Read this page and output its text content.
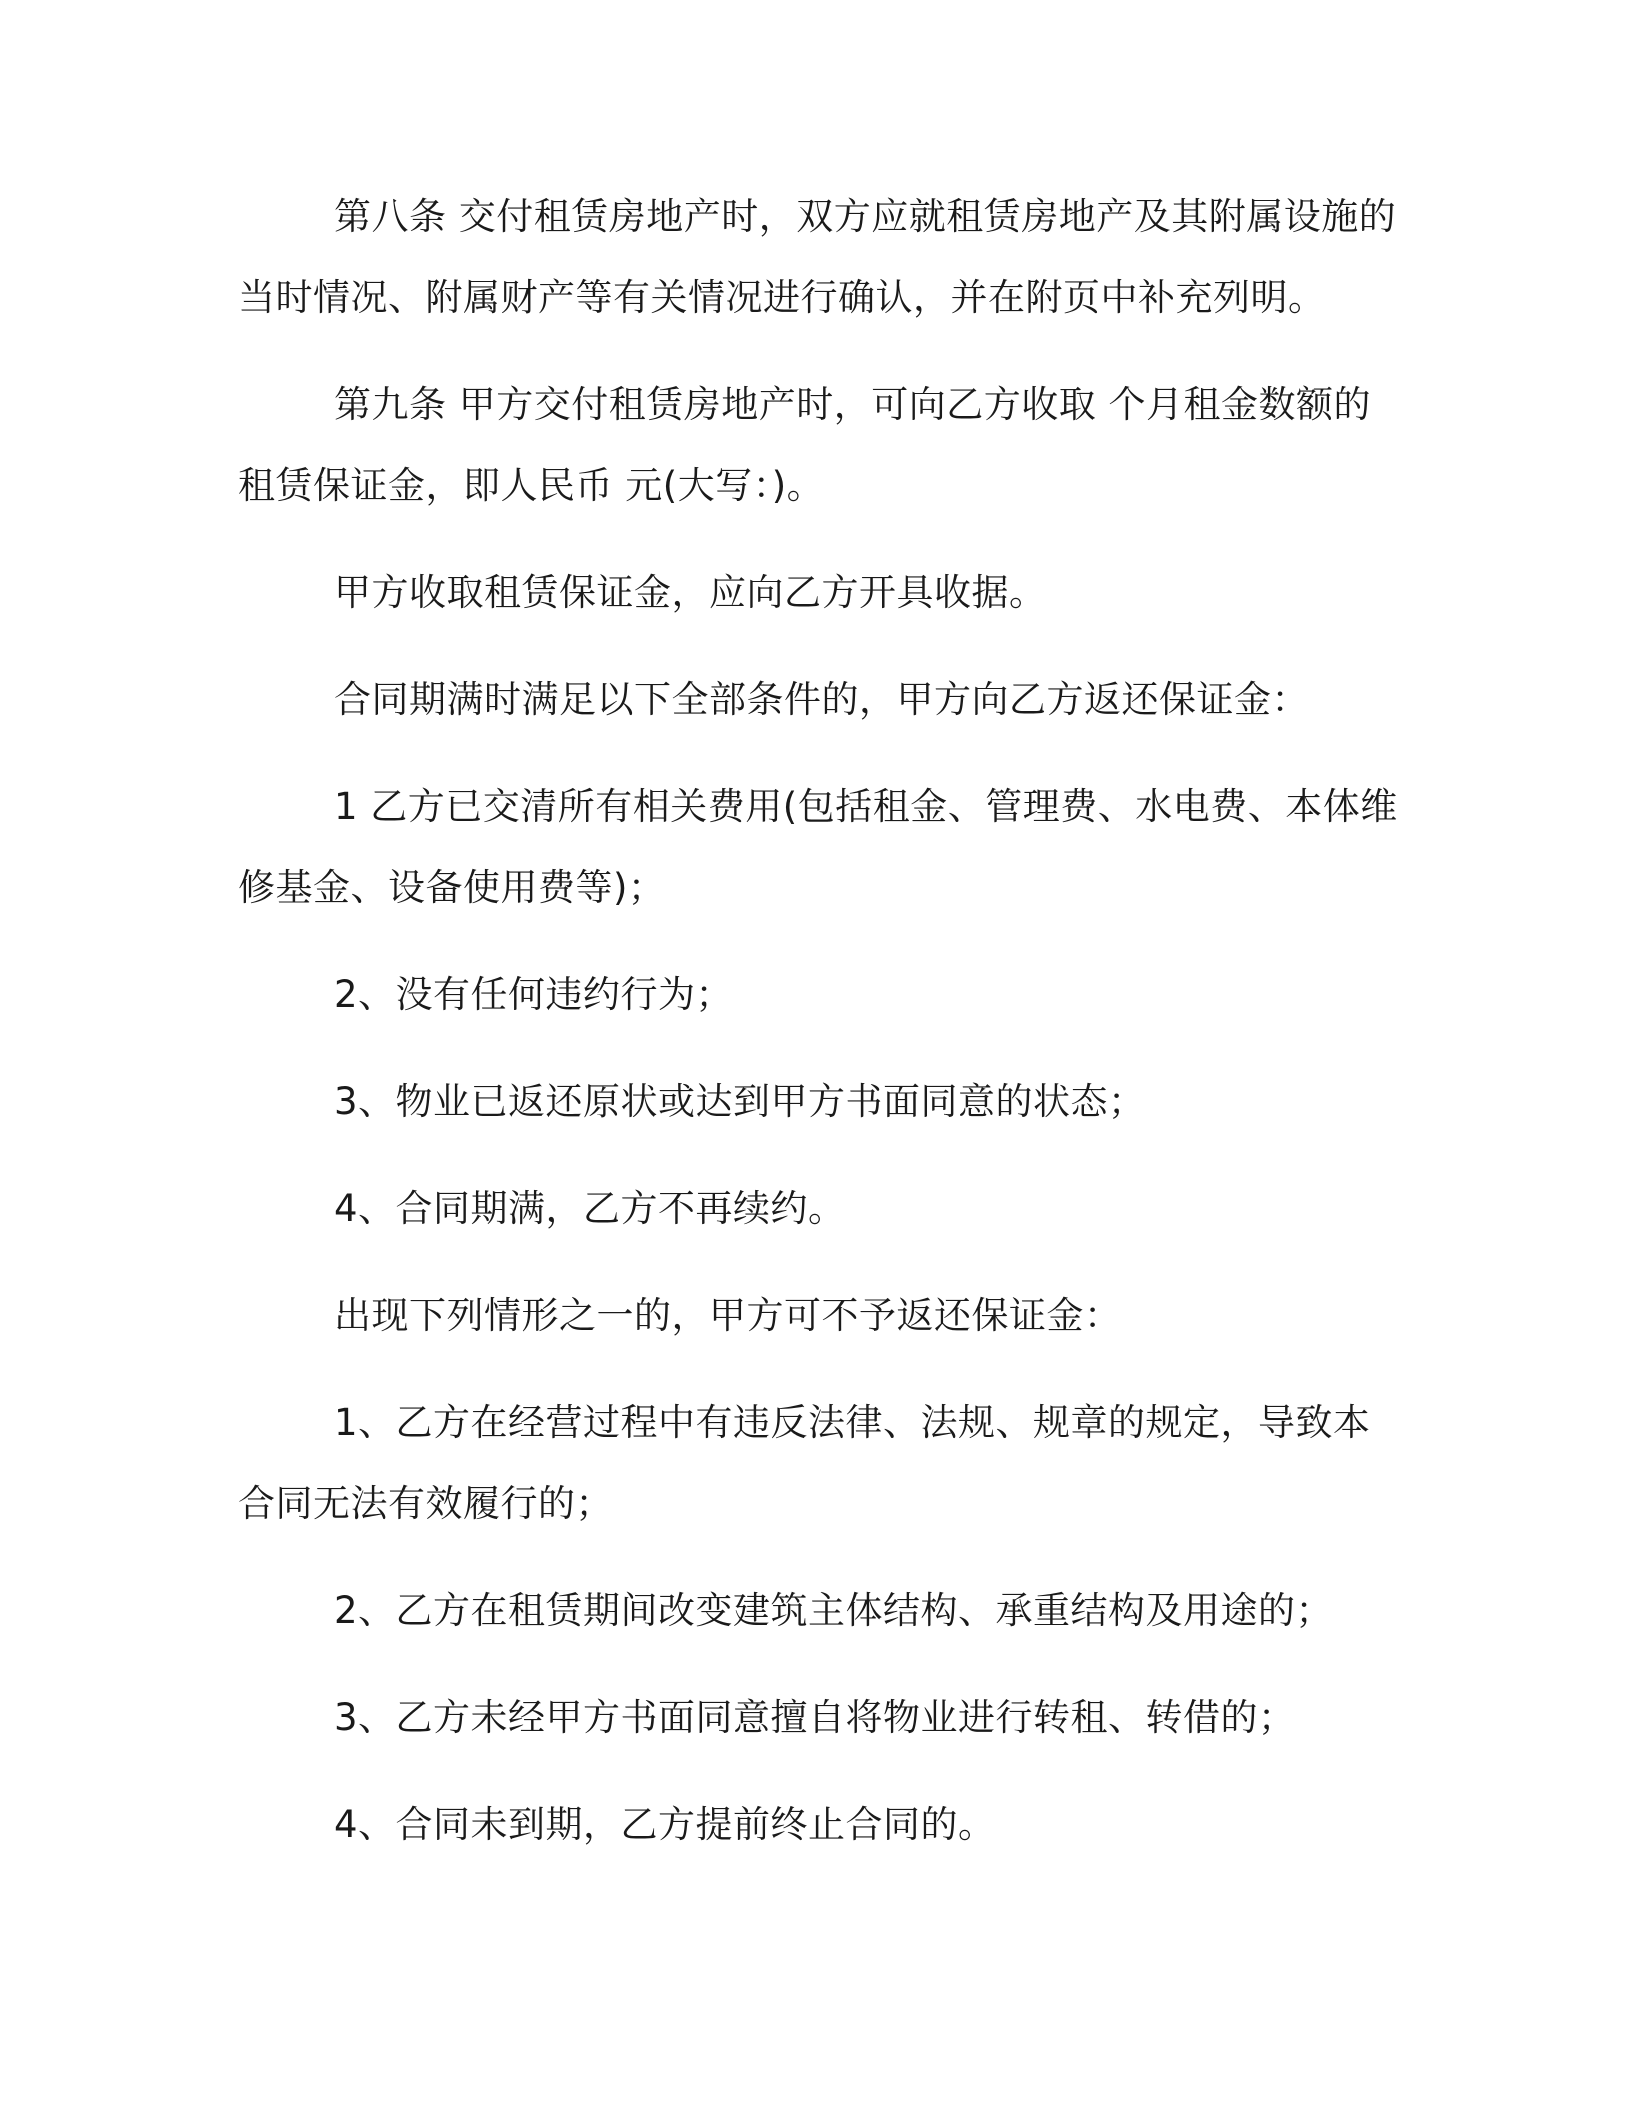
第八条 交付租赁房地产时，双方应就租赁房地产及其附属设施的当时情况、附属财产等有关情况进行确认，并在附页中补充列明。

第九条 甲方交付租赁房地产时，可向乙方收取 个月租金数额的租赁保证金，即人民币 元(大写：)。

甲方收取租赁保证金，应向乙方开具收据。

合同期满时满足以下全部条件的，甲方向乙方返还保证金：

1 乙方已交清所有相关费用(包括租金、管理费、水电费、本体维修基金、设备使用费等)；

2、没有任何违约行为；

3、物业已返还原状或达到甲方书面同意的状态；

4、合同期满，乙方不再续约。

出现下列情形之一的，甲方可不予返还保证金：

1、乙方在经营过程中有违反法律、法规、规章的规定，导致本合同无法有效履行的；

2、乙方在租赁期间改变建筑主体结构、承重结构及用途的；

3、乙方未经甲方书面同意擅自将物业进行转租、转借的；

4、合同未到期，乙方提前终止合同的。
